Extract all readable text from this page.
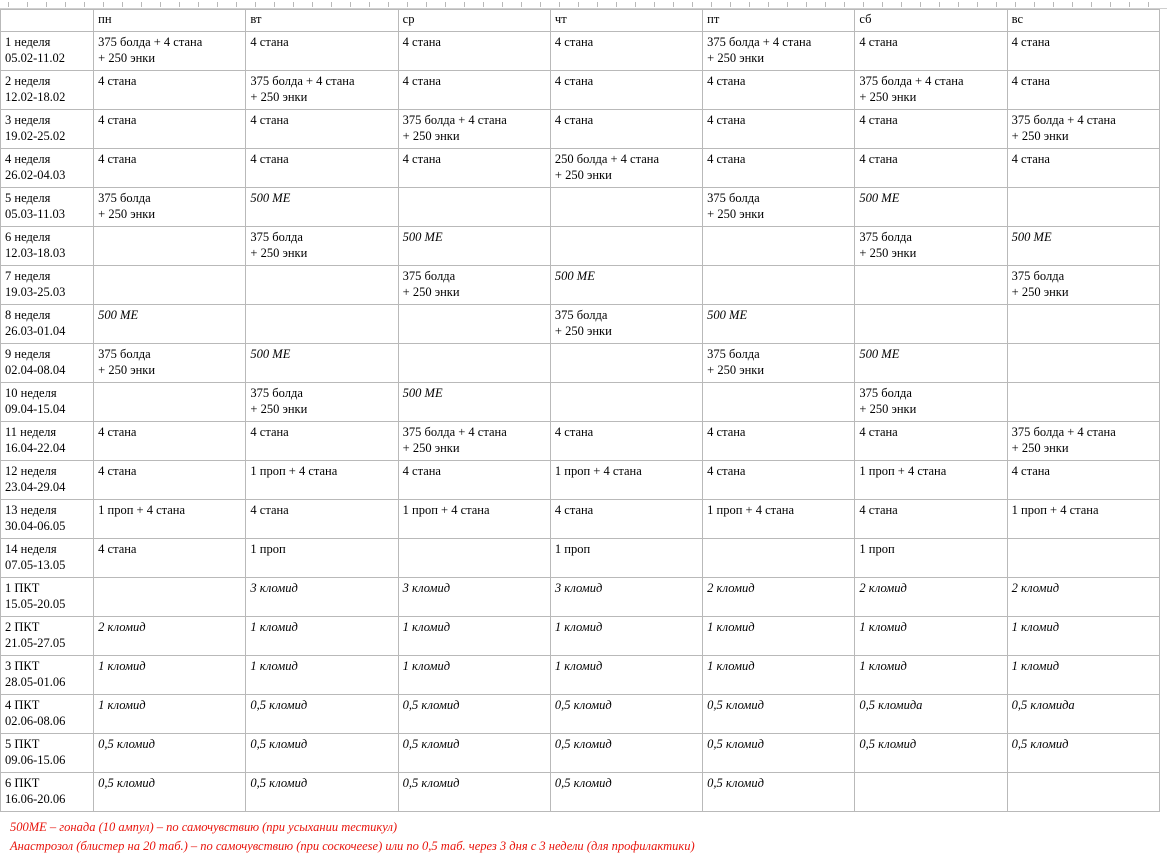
	пн	вт	ср	чт	пт	сб	вс

1 неделя
05.02-11.02	375 болда + 4 стана
+ 250 энки	4 стана	4 стана	4 стана	375 болда + 4 стана
+ 250 энки	4 стана	4 стана

2 неделя
12.02-18.02	4 стана	375 болда + 4 стана
+ 250 энки	4 стана	4 стана	4 стана	375 болда + 4 стана
+ 250 энки	4 стана

3 неделя
19.02-25.02	4 стана	4 стана	375 болда + 4 стана
+ 250 энки	4 стана	4 стана	4 стана	375 болда + 4 стана
+ 250 энки

4 неделя
26.02-04.03	4 стана	4 стана	4 стана	250 болда + 4 стана
+ 250 энки	4 стана	4 стана	4 стана

5 неделя
05.03-11.03	375 болда
+ 250 энки	500 МЕ			375 болда
+ 250 энки	500 МЕ	

6 неделя
12.03-18.03		375 болда
+ 250 энки	500 МЕ			375 болда
+ 250 энки	500 МЕ

7 неделя
19.03-25.03			375 болда
+ 250 энки	500 МЕ			375 болда
+ 250 энки

8 неделя
26.03-01.04	500 МЕ			375 болда
+ 250 энки	500 МЕ		

9 неделя
02.04-08.04	375 болда
+ 250 энки	500 МЕ			375 болда
+ 250 энки	500 МЕ	

10 неделя
09.04-15.04		375 болда
+ 250 энки	500 МЕ			375 болда
+ 250 энки	

11 неделя
16.04-22.04	4 стана	4 стана	375 болда + 4 стана
+ 250 энки	4 стана	4 стана	4 стана	375 болда + 4 стана
+ 250 энки

12 неделя
23.04-29.04	4 стана	1 проп + 4 стана	4 стана	1 проп + 4 стана	4 стана	1 проп + 4 стана	4 стана

13 неделя
30.04-06.05	1 проп + 4 стана	4 стана	1 проп + 4 стана	4 стана	1 проп + 4 стана	4 стана	1 проп + 4 стана

14 неделя
07.05-13.05	4 стана	1 проп		1 проп		1 проп	

1 ПКТ
15.05-20.05		3 кломид	3 кломид	3 кломид	2 кломид	2 кломид	2 кломид

2 ПКТ
21.05-27.05	2 кломид	1 кломид	1 кломид	1 кломид	1 кломид	1 кломид	1 кломид

3 ПКТ
28.05-01.06	1 кломид	1 кломид	1 кломид	1 кломид	1 кломид	1 кломид	1 кломид

4 ПКТ
02.06-08.06	1 кломид	0,5 кломид	0,5 кломид	0,5 кломид	0,5 кломид	0,5 кломида	0,5 кломида

5 ПКТ
09.06-15.06	0,5 кломид	0,5 кломид	0,5 кломид	0,5 кломид	0,5 кломид	0,5 кломид	0,5 кломид

6 ПКТ
16.06-20.06	0,5 кломид	0,5 кломид	0,5 кломид	0,5 кломид	0,5 кломид		

500МЕ – гонада (10 ампул) – по самочувствию (при усыхании тестикул)
Анастрозол (блистер на 20 таб.) – по самочувствию (при соскочееse) или по 0,5 таб. через 3 дня с 3 недели (для профилактики)
